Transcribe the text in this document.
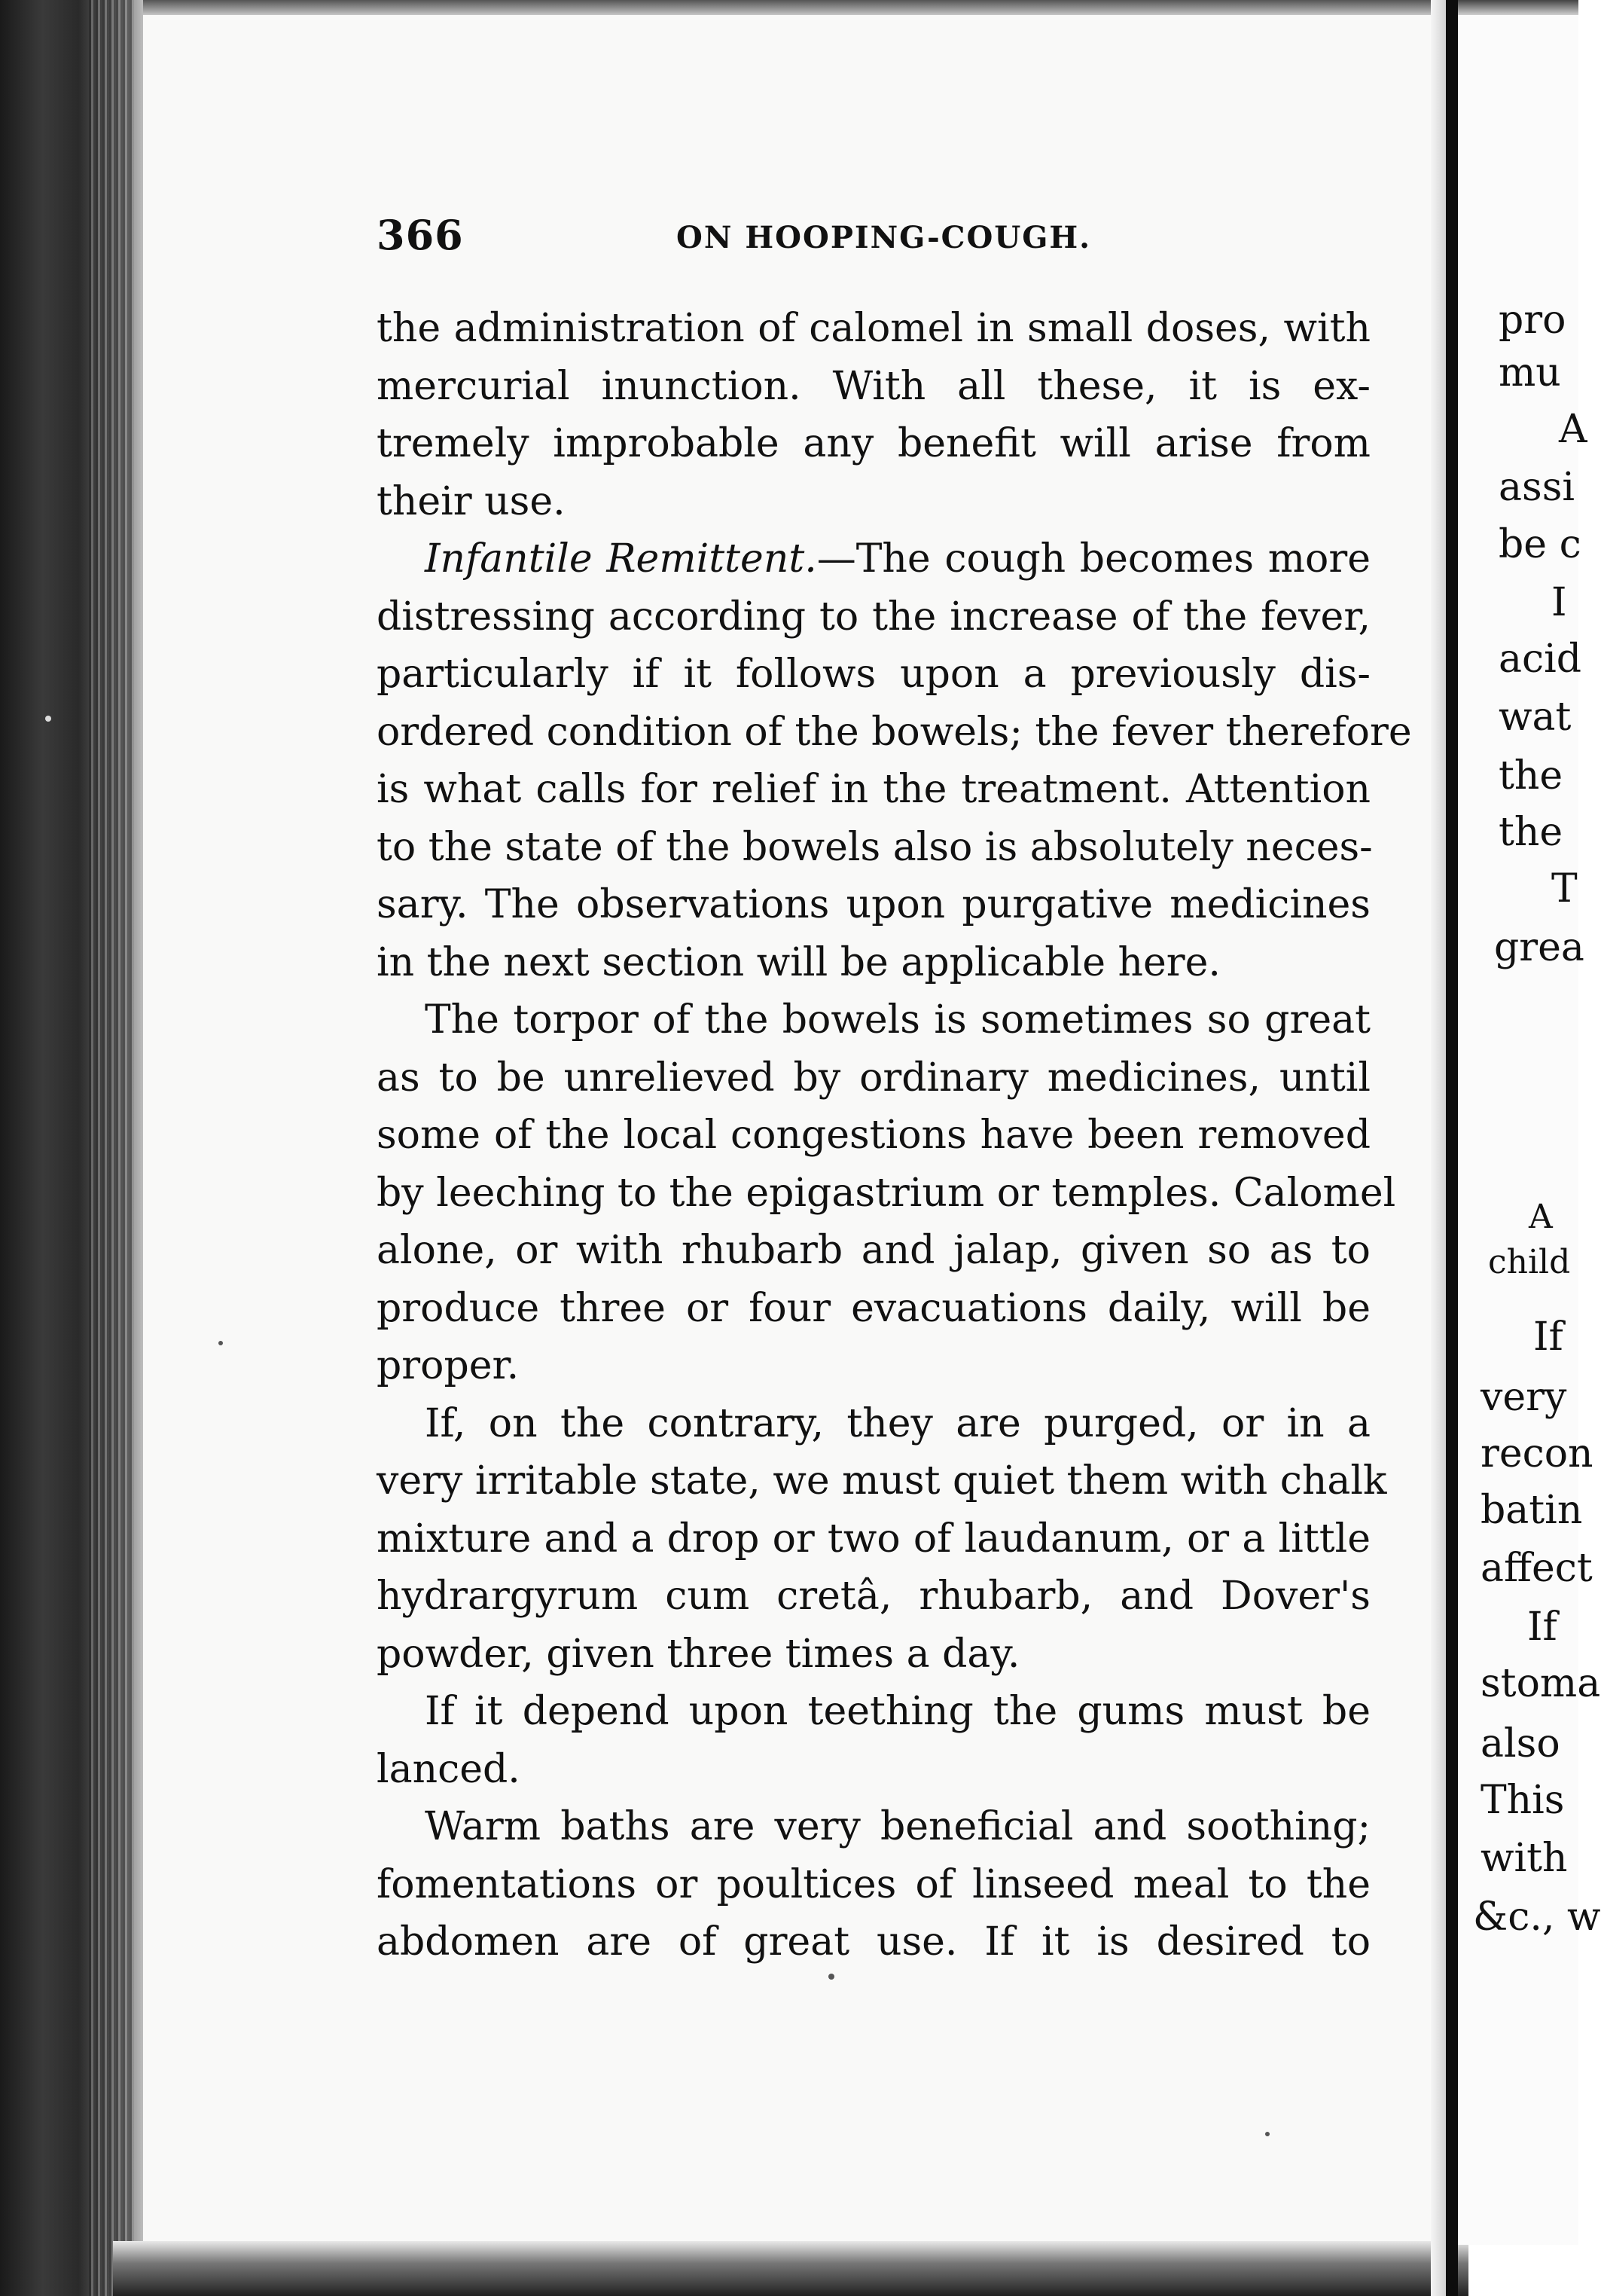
366	ON HOOPING-COUGH.
the administration of calomel in small doses, with
mercurial inunction. With all these, it is ex-
tremely improbable any benefit will arise from
their use.
Infantile Remittent.—The cough becomes more
distressing according to the increase of the fever,
particularly if it follows upon a previously dis-
ordered condition of the bowels; the fever therefore
is what calls for relief in the treatment. Attention
to the state of the bowels also is absolutely neces-
sary. The observations upon purgative medicines
in the next section will be applicable here.
The torpor of the bowels is sometimes so great
as to be unrelieved by ordinary medicines, until
some of the local congestions have been removed
by leeching to the epigastrium or temples. Calomel
alone, or with rhubarb and jalap, given so as to
produce three or four evacuations daily, will be
proper.
If, on the contrary, they are purged, or in a
very irritable state, we must quiet them with chalk
mixture and a drop or two of laudanum, or a little
hydrargyrum cum cretâ, rhubarb, and Dover's
powder, given three times a day.
If it depend upon teething the gums must be
lanced.
Warm baths are very beneficial and soothing;
fomentations or poultices of linseed meal to the
abdomen are of great use. If it is desired to
pro
mu
A
assi
be c
I
acid
wat
the
the
T
grea
A
child
If
very
recon
batin
affect
If
stoma
also
This
with
&c., w
